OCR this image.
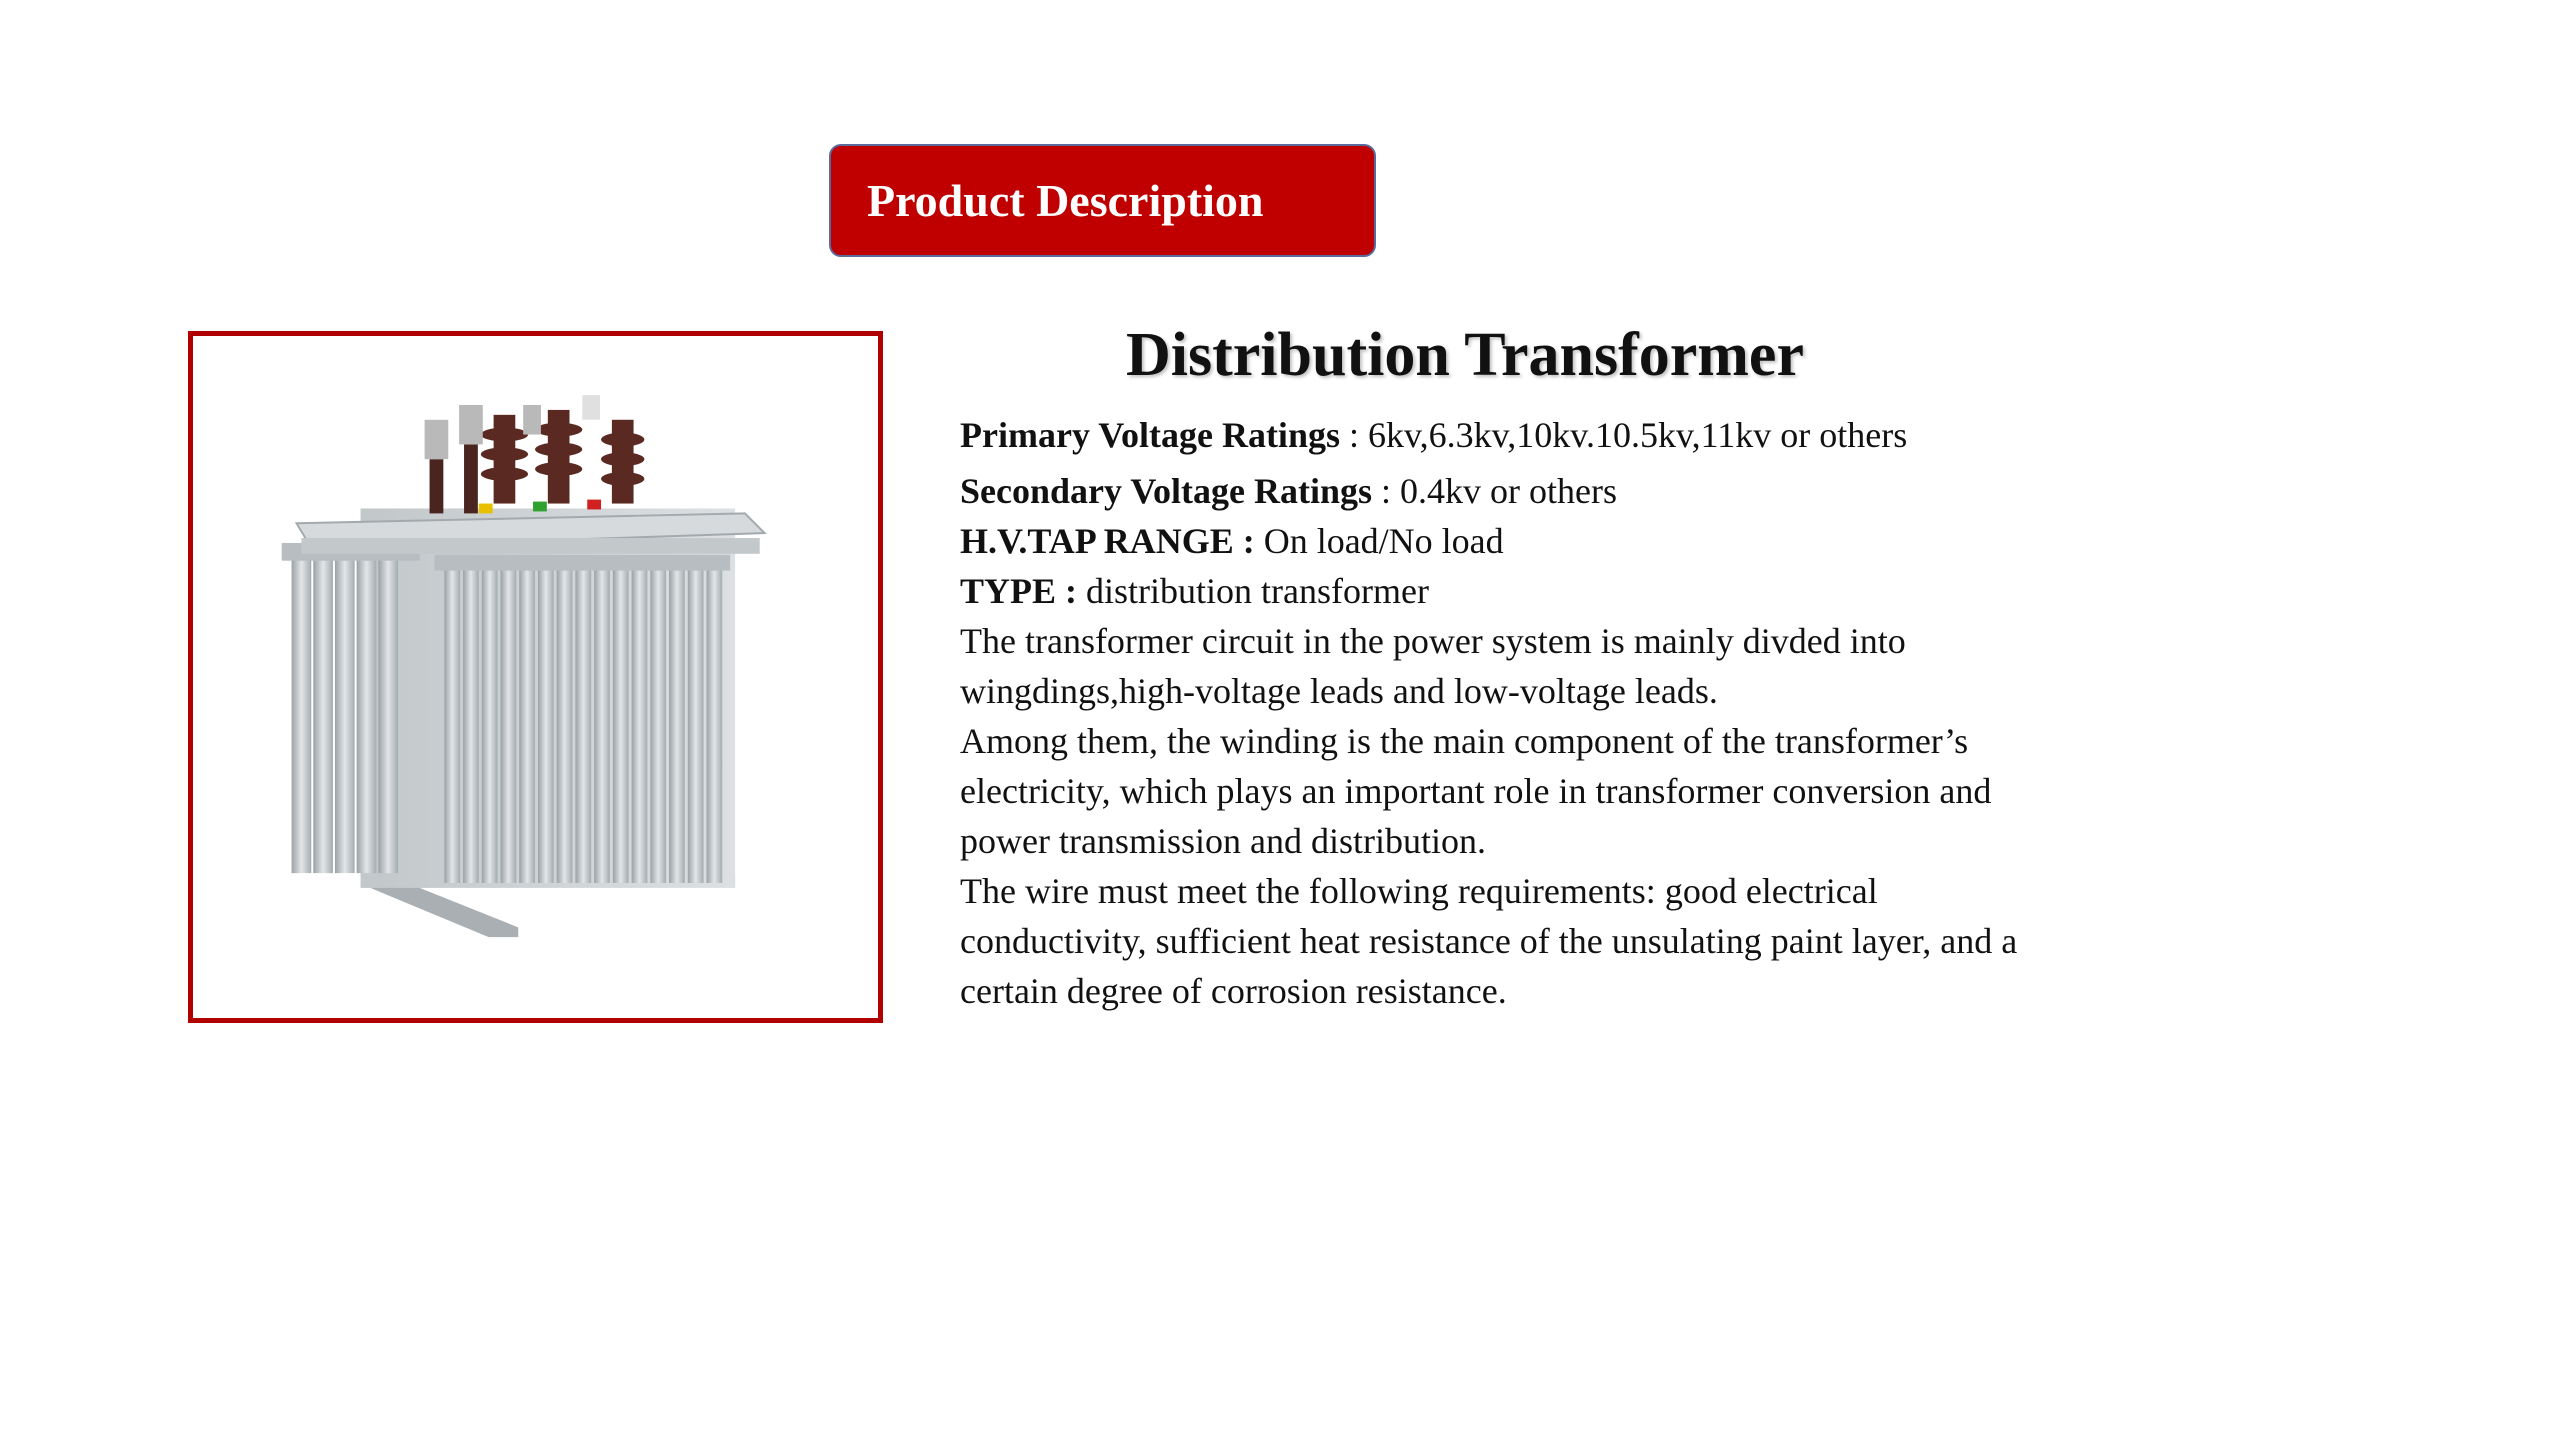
Product Description
Distribution Transformer
Primary Voltage Ratings : 6kv,6.3kv,10kv.10.5kv,11kv or others
Secondary Voltage Ratings : 0.4kv or others
H.V.TAP RANGE : On load/No load
TYPE : distribution transformer

The transformer circuit in the power system is mainly divded into wingdings,high-voltage leads and low-voltage leads.

Among them, the winding is the main component of the transformer’s electricity, which plays an important role in transformer conversion and power transmission and distribution.

The wire must meet the following requirements: good electrical conductivity, sufficient heat resistance of the unsulating paint layer, and a certain degree of corrosion resistance.
